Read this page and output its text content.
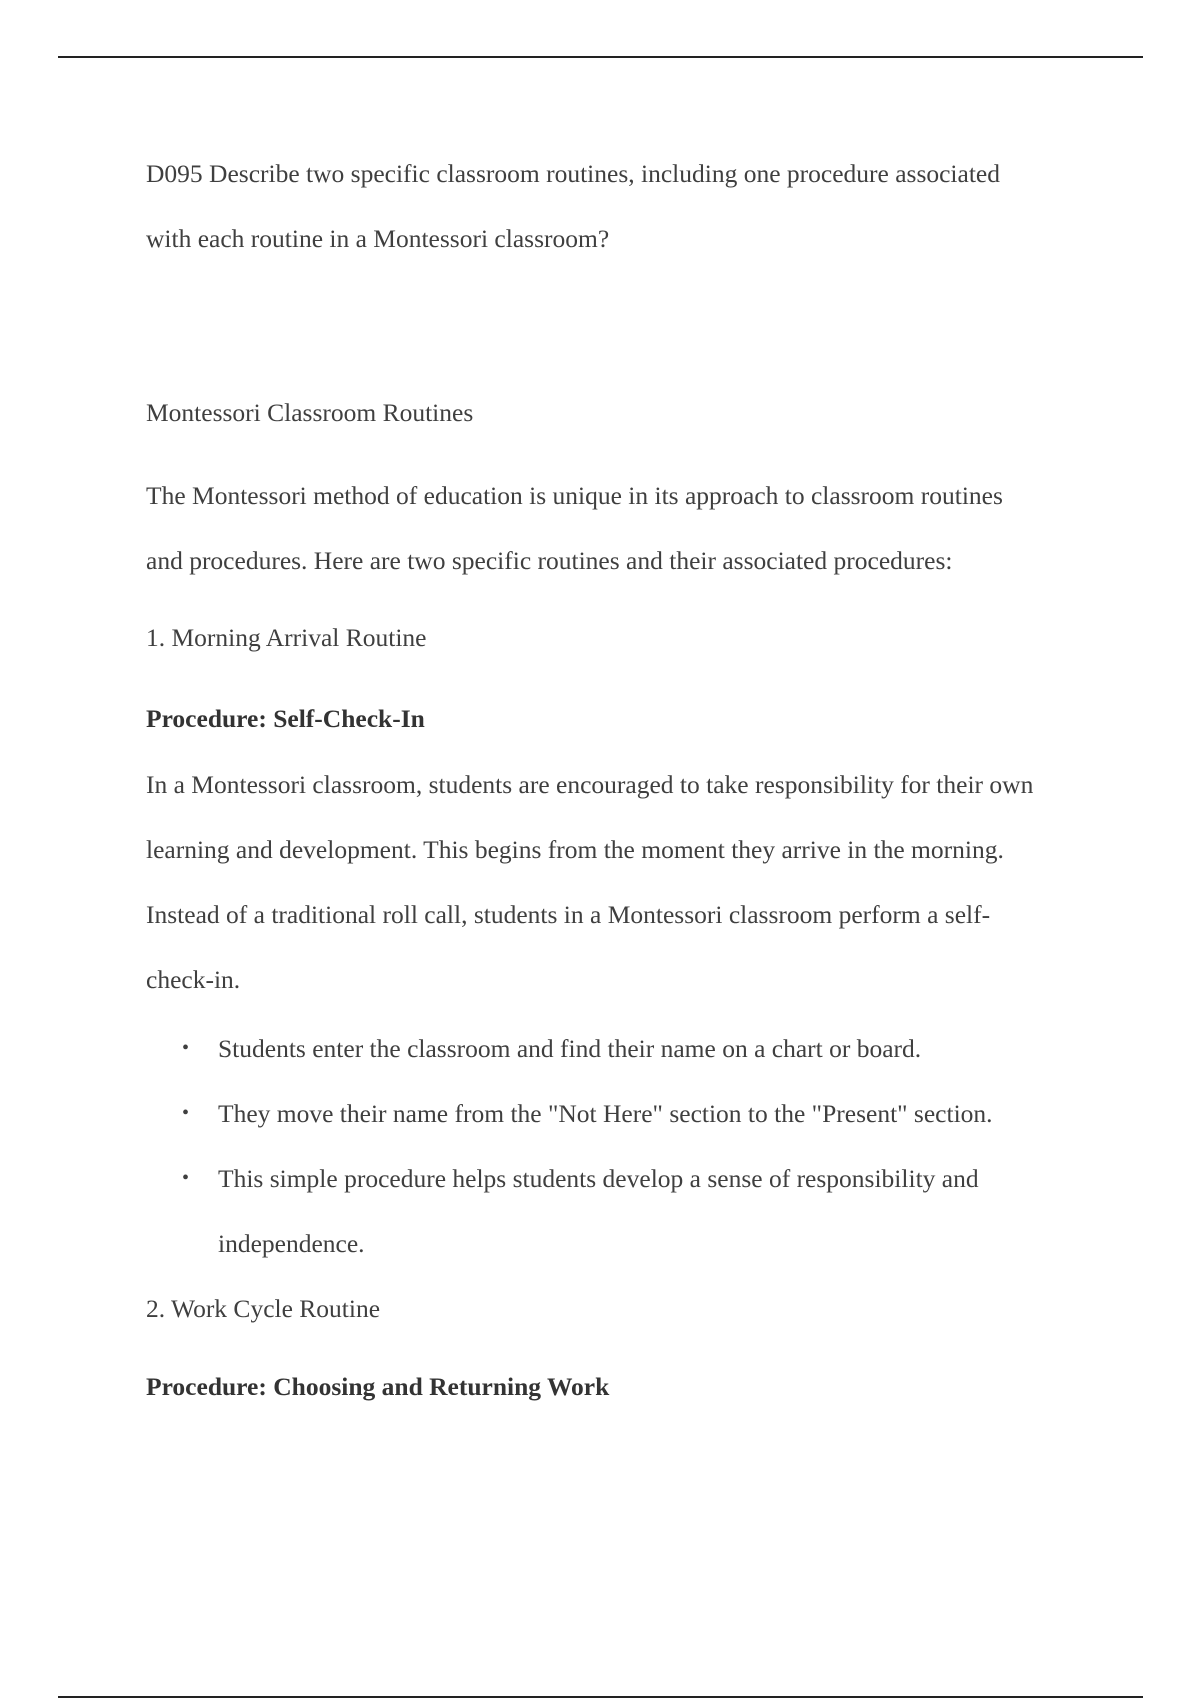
D095 Describe two specific classroom routines, including one procedure associated with each routine in a Montessori classroom?

Montessori Classroom Routines

The Montessori method of education is unique in its approach to classroom routines and procedures. Here are two specific routines and their associated procedures:

1. Morning Arrival Routine

Procedure: Self-Check-In

In a Montessori classroom, students are encouraged to take responsibility for their own learning and development. This begins from the moment they arrive in the morning. Instead of a traditional roll call, students in a Montessori classroom perform a self-check-in.

• Students enter the classroom and find their name on a chart or board.
• They move their name from the "Not Here" section to the "Present" section.
• This simple procedure helps students develop a sense of responsibility and independence.

2. Work Cycle Routine

Procedure: Choosing and Returning Work
